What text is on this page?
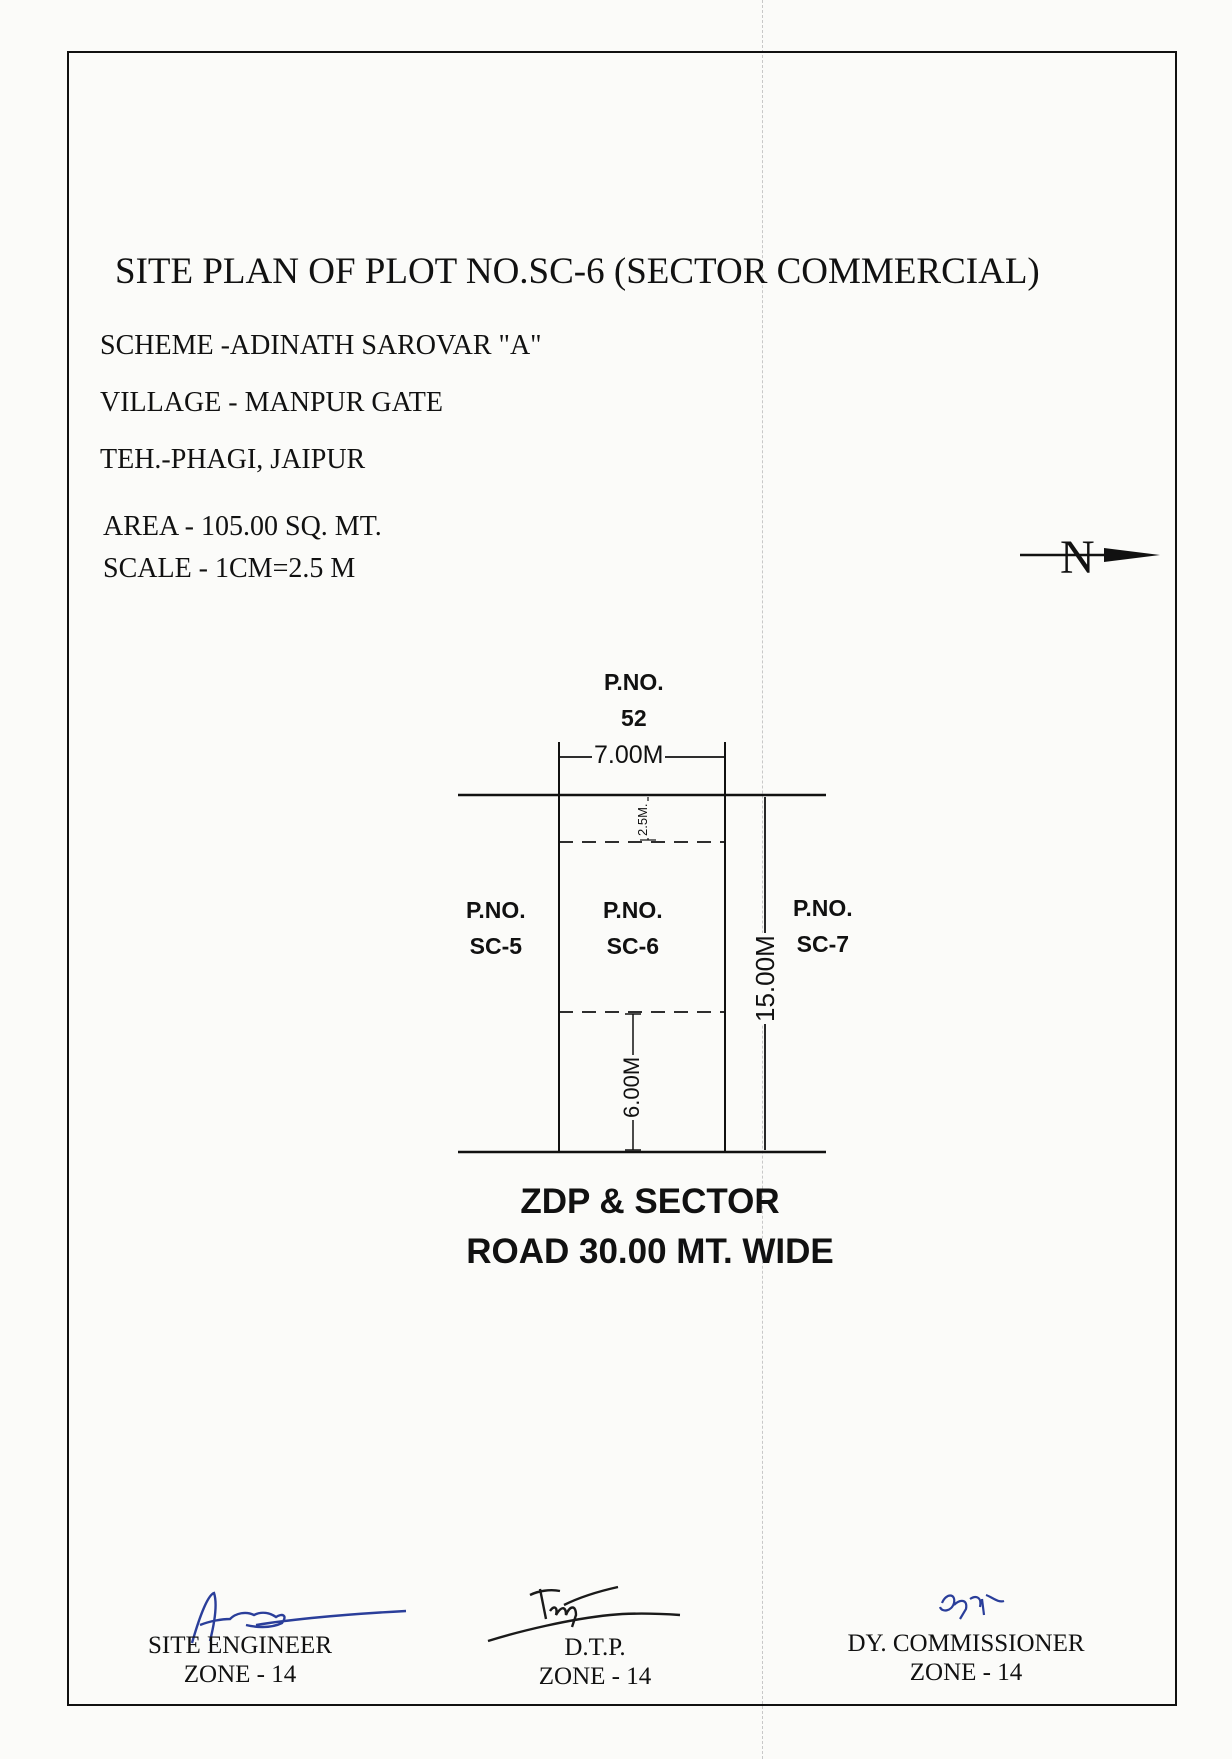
SITE PLAN OF PLOT NO.SC-6 (SECTOR COMMERCIAL)
SCHEME -ADINATH SAROVAR "A"
VILLAGE - MANPUR GATE
TEH.-PHAGI, JAIPUR
AREA - 105.00 SQ. MT.
SCALE - 1CM=2.5 M	N
P.NO.
52
7.00M
2.5M.
P.NO.
SC-5
P.NO.
SC-6
P.NO.
SC-7
15.00M
6.00M
ZDP & SECTOR
ROAD 30.00 MT. WIDE
SITE ENGINEER
ZONE - 14
D.T.P.
ZONE - 14
DY. COMMISSIONER
ZONE - 14
